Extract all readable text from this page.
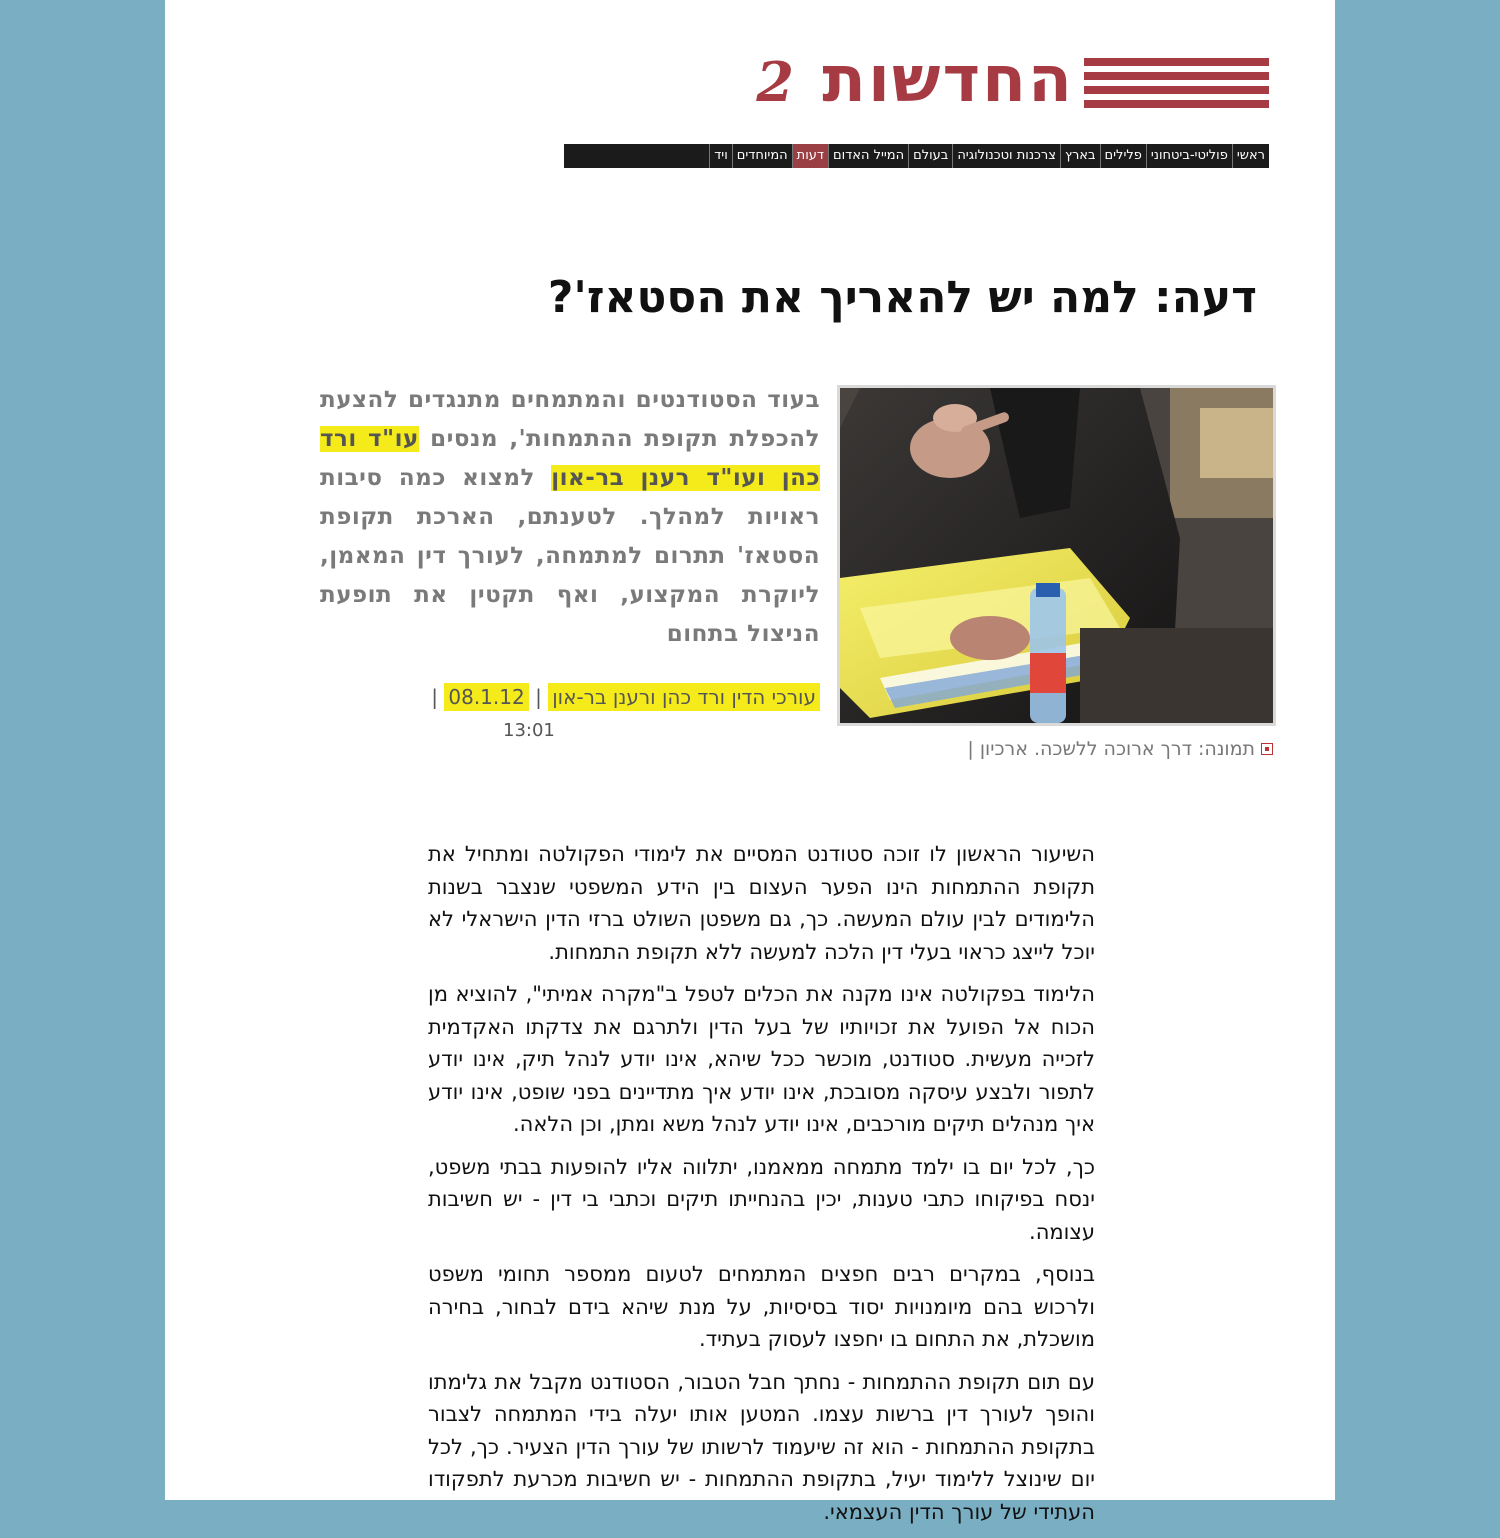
החדשות
2
ראשי
פוליטי-ביטחוני
פלילים
בארץ
צרכנות וטכנולוגיה
בעולם
המייל האדום
דעות
המיוחדים
ויד
דעה: למה יש להאריך את הסטאז'?
בעוד הסטודנטים והמתמחים מתנגדים להצעת להכפלת תקופת ההתמחות', מנסים עו"ד ורד כהן ועו"ד רענן בר-און למצוא כמה סיבות ראויות למהלך. לטענתם, הארכת תקופת הסטאז' תתרום למתמחה, לעורך דין המאמן, ליוקרת המקצוע, ואף תקטין את תופעת הניצול בתחום
עורכי הדין ורד כהן ורענן בר-און | 08.1.12 |
13:01
תמונה: דרך ארוכה ללשכה. ארכיון |

השיעור הראשון לו זוכה סטודנט המסיים את לימודי הפקולטה ומתחיל את תקופת ההתמחות הינו הפער העצום בין הידע המשפטי שנצבר בשנות הלימודים לבין עולם המעשה. כך, גם משפטן השולט ברזי הדין הישראלי לא יוכל לייצג כראוי בעלי דין הלכה למעשה ללא תקופת התמחות.

הלימוד בפקולטה אינו מקנה את הכלים לטפל ב"מקרה אמיתי", להוציא מן הכוח אל הפועל את זכויותיו של בעל הדין ולתרגם את צדקתו האקדמית לזכייה מעשית. סטודנט, מוכשר ככל שיהא, אינו יודע לנהל תיק, אינו יודע לתפור ולבצע עיסקה מסובכת, אינו יודע איך מתדיינים בפני שופט, אינו יודע איך מנהלים תיקים מורכבים, אינו יודע לנהל משא ומתן, וכן הלאה.

כך, לכל יום בו ילמד מתמחה ממאמנו, יתלווה אליו להופעות בבתי משפט, ינסח בפיקוחו כתבי טענות, יכין בהנחייתו תיקים וכתבי בי דין - יש חשיבות עצומה.

בנוסף, במקרים רבים חפצים המתמחים לטעום ממספר תחומי משפט ולרכוש בהם מיומנויות יסוד בסיסיות, על מנת שיהא בידם לבחור, בחירה מושכלת, את התחום בו יחפצו לעסוק בעתיד.

עם תום תקופת ההתמחות - נחתך חבל הטבור, הסטודנט מקבל את גלימתו והופך לעורך דין ברשות עצמו. המטען אותו יעלה בידי המתמחה לצבור בתקופת ההתמחות - הוא זה שיעמוד לרשותו של עורך הדין הצעיר. כך, לכל יום שינוצל ללימוד יעיל, בתקופת ההתמחות - יש חשיבות מכרעת לתפקודו העתידי של עורך הדין העצמאי.
